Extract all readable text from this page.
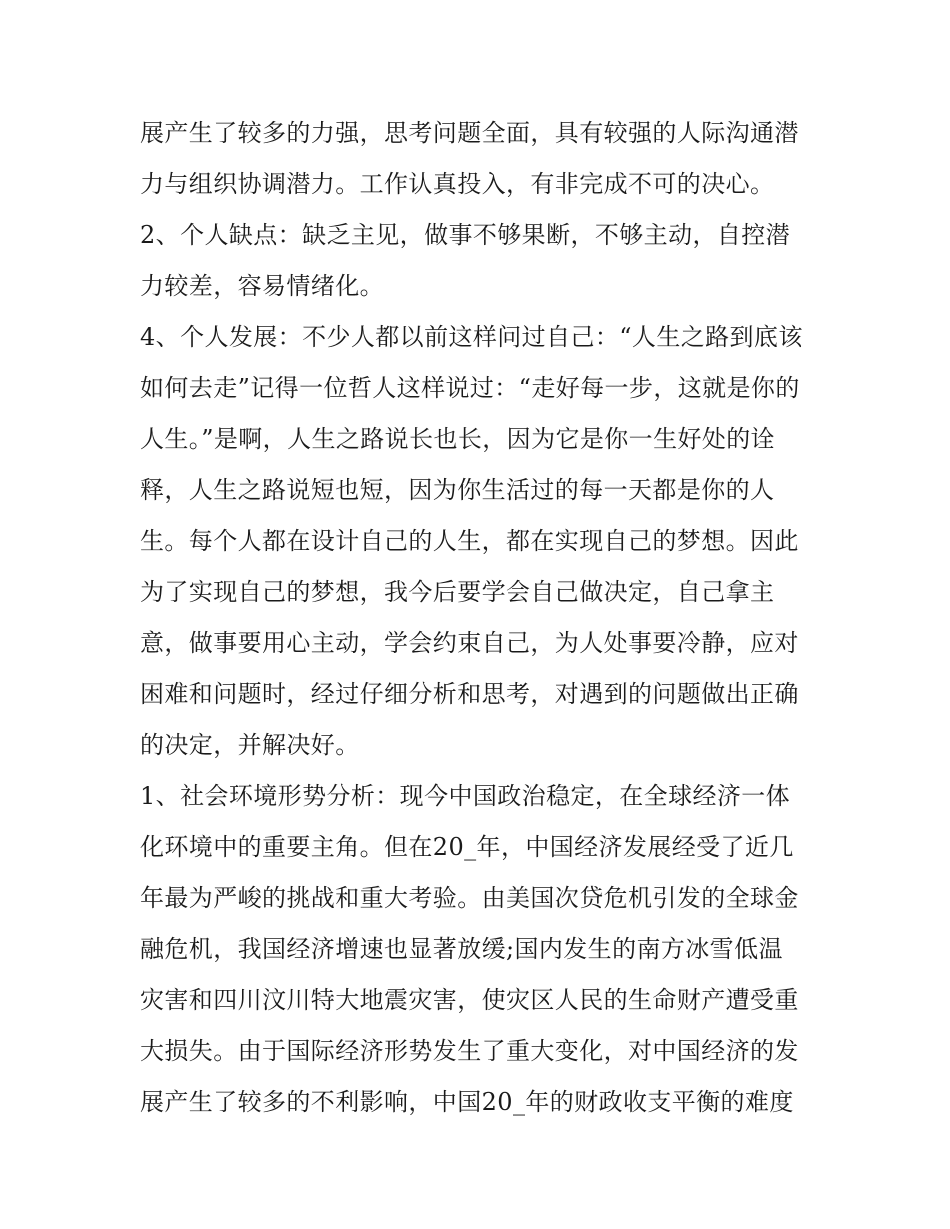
展产生了较多的力强，思考问题全面，具有较强的人际沟通潜
力与组织协调潜力。工作认真投入，有非完成不可的决心。
2、个人缺点：缺乏主见，做事不够果断，不够主动，自控潜
力较差，容易情绪化。
4、个人发展：不少人都以前这样问过自己：“人生之路到底该
如何去走”记得一位哲人这样说过：“走好每一步，这就是你的
人生。”是啊，人生之路说长也长，因为它是你一生好处的诠
释，人生之路说短也短，因为你生活过的每一天都是你的人
生。每个人都在设计自己的人生，都在实现自己的梦想。因此
为了实现自己的梦想，我今后要学会自己做决定，自己拿主
意，做事要用心主动，学会约束自己，为人处事要冷静，应对
困难和问题时，经过仔细分析和思考，对遇到的问题做出正确
的决定，并解决好。
1、社会环境形势分析：现今中国政治稳定，在全球经济一体
化环境中的重要主角。但在20_年，中国经济发展经受了近几
年最为严峻的挑战和重大考验。由美国次贷危机引发的全球金
融危机，我国经济增速也显著放缓;国内发生的南方冰雪低温
灾害和四川汶川特大地震灾害，使灾区人民的生命财产遭受重
大损失。由于国际经济形势发生了重大变化，对中国经济的发
展产生了较多的不利影响，中国20_年的财政收支平衡的难度
